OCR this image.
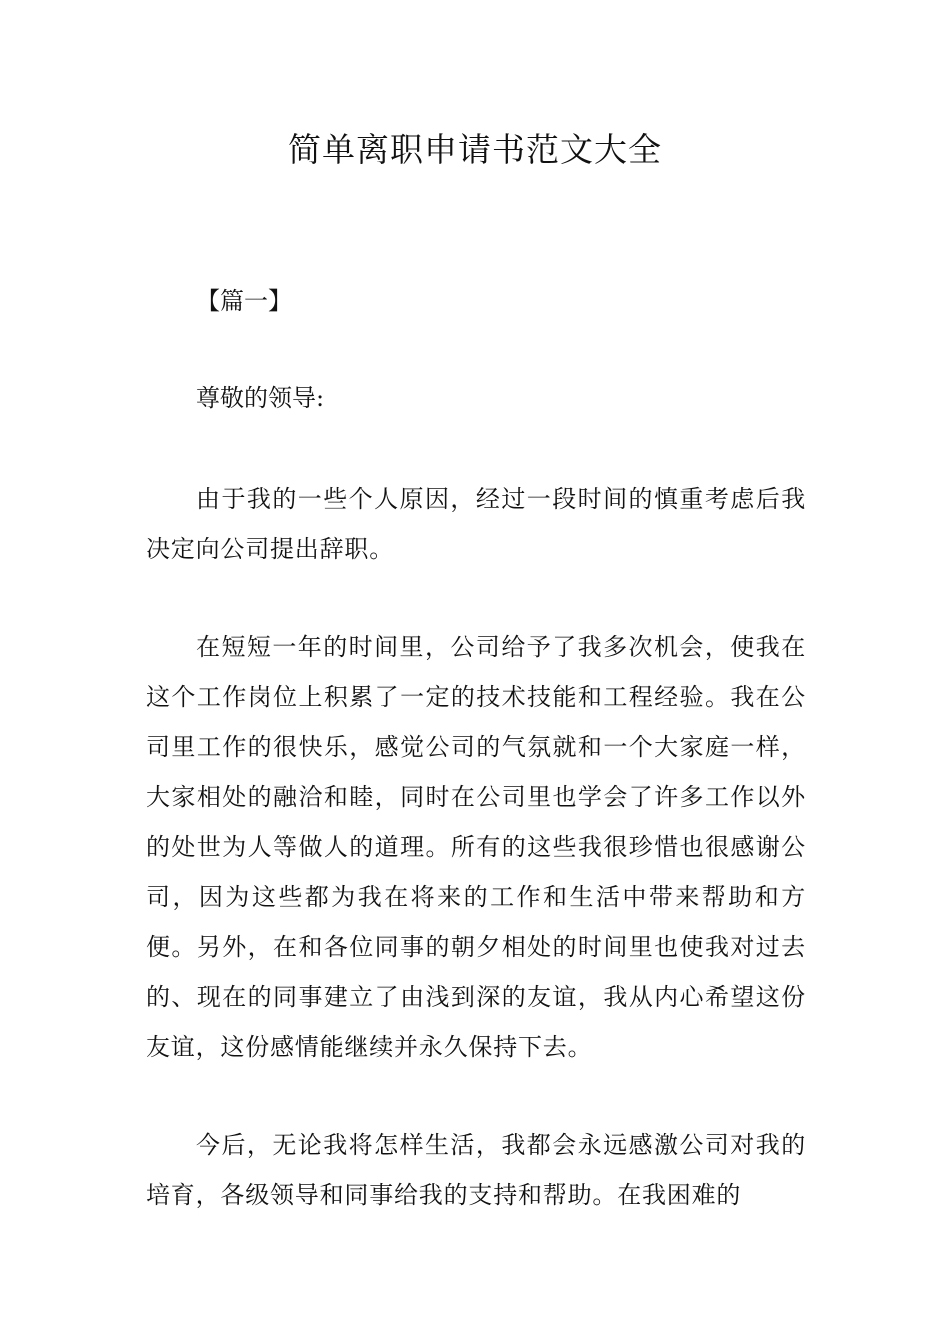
简单离职申请书范文大全
【篇一】

尊敬的领导:

由于我的一些个人原因，经过一段时间的慎重考虑后我决定向公司提出辞职。

在短短一年的时间里，公司给予了我多次机会，使我在这个工作岗位上积累了一定的技术技能和工程经验。我在公司里工作的很快乐，感觉公司的气氛就和一个大家庭一样，大家相处的融洽和睦，同时在公司里也学会了许多工作以外的处世为人等做人的道理。所有的这些我很珍惜也很感谢公司，因为这些都为我在将来的工作和生活中带来帮助和方便。另外，在和各位同事的朝夕相处的时间里也使我对过去的、现在的同事建立了由浅到深的友谊，我从内心希望这份友谊，这份感情能继续并永久保持下去。

今后，无论我将怎样生活，我都会永远感激公司对我的培育，各级领导和同事给我的支持和帮助。在我困难的
